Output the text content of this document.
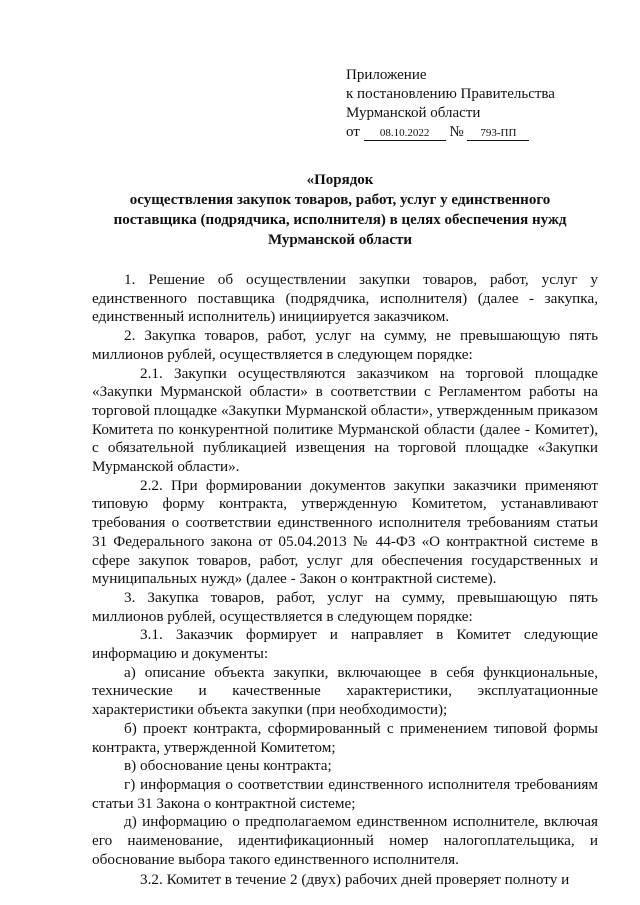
Приложение
к постановлению Правительства
Мурманской области
от 08.10.2022 № 793-ПП
«Порядок
осуществления закупок товаров, работ, услуг у единственного
поставщика (подрядчика, исполнителя) в целях обеспечения нужд
Мурманской области

1. Решение об осуществлении закупки товаров, работ, услуг у единственного поставщика (подрядчика, исполнителя) (далее - закупка, единственный исполнитель) инициируется заказчиком.

2. Закупка товаров, работ, услуг на сумму, не превышающую пять миллионов рублей, осуществляется в следующем порядке:

2.1. Закупки осуществляются заказчиком на торговой площадке «Закупки Мурманской области» в соответствии с Регламентом работы на торговой площадке «Закупки Мурманской области», утвержденным приказом Комитета по конкурентной политике Мурманской области (далее - Комитет), с обязательной публикацией извещения на торговой площадке «Закупки Мурманской области».

2.2. При формировании документов закупки заказчики применяют типовую форму контракта, утвержденную Комитетом, устанавливают требования о соответствии единственного исполнителя требованиям статьи 31 Федерального закона от 05.04.2013 № 44-ФЗ «О контрактной системе в сфере закупок товаров, работ, услуг для обеспечения государственных и муниципальных нужд» (далее - Закон о контрактной системе).

3. Закупка товаров, работ, услуг на сумму, превышающую пять миллионов рублей, осуществляется в следующем порядке:

3.1. Заказчик формирует и направляет в Комитет следующие информацию и документы:

а) описание объекта закупки, включающее в себя функциональные, технические и качественные характеристики, эксплуатационные характеристики объекта закупки (при необходимости);

б) проект контракта, сформированный с применением типовой формы контракта, утвержденной Комитетом;

в) обоснование цены контракта;

г) информация о соответствии единственного исполнителя требованиям статьи 31 Закона о контрактной системе;

д) информацию о предполагаемом единственном исполнителе, включая его наименование, идентификационный номер налогоплательщика, и обоснование выбора такого единственного исполнителя.

3.2. Комитет в течение 2 (двух) рабочих дней проверяет полноту и
